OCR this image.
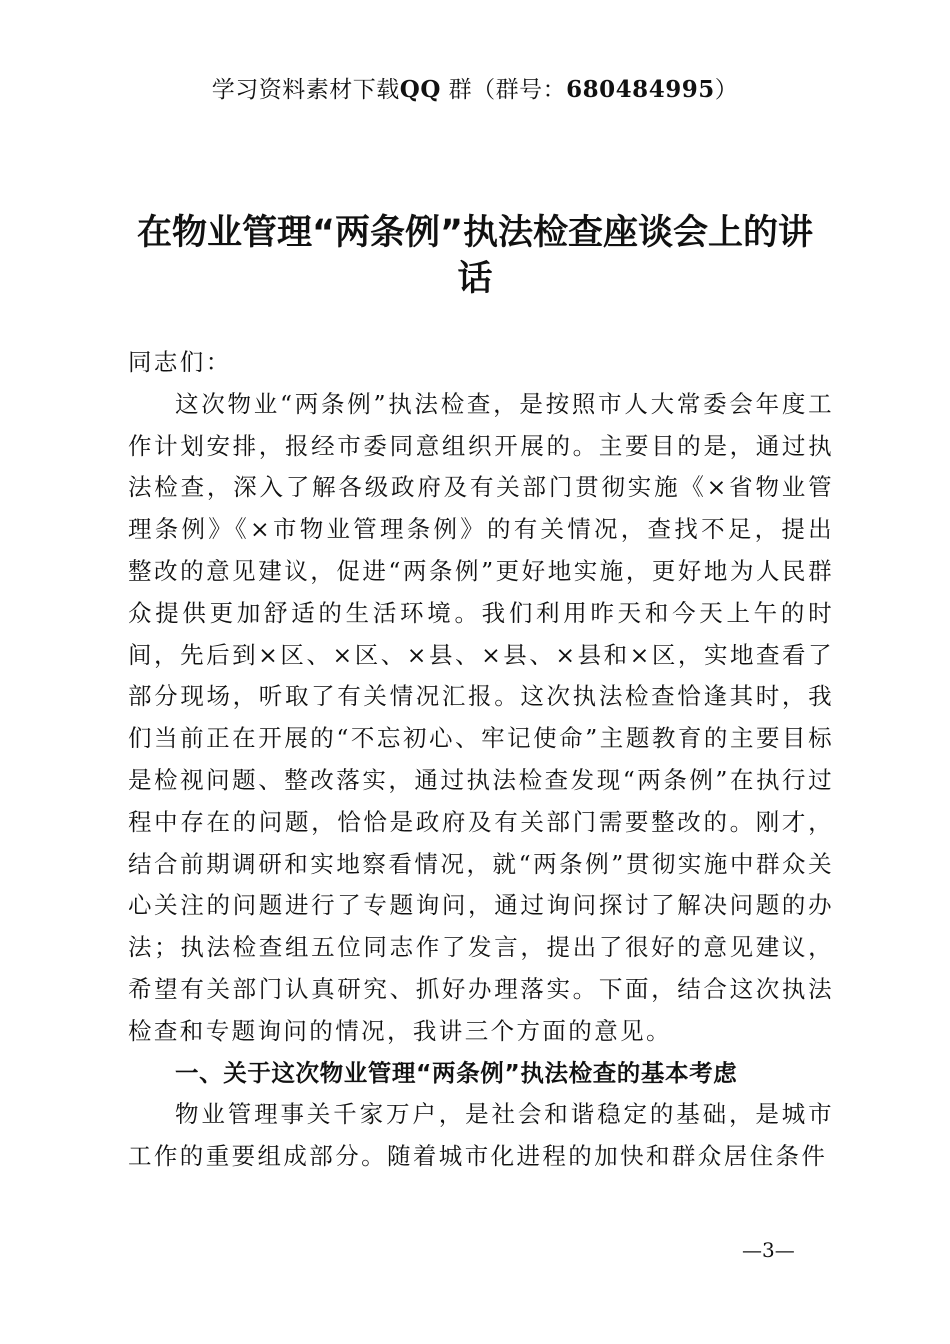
学习资料素材下载QQ 群（群号：680484995）
在物业管理“两条例”执法检查座谈会上的讲话

同志们：

这次物业“两条例”执法检查，是按照市人大常委会年度工作计划安排，报经市委同意组织开展的。主要目的是，通过执法检查，深入了解各级政府及有关部门贯彻实施《×省物业管理条例》《×市物业管理条例》的有关情况，查找不足，提出整改的意见建议，促进“两条例”更好地实施，更好地为人民群众提供更加舒适的生活环境。我们利用昨天和今天上午的时间，先后到×区、×区、×县、×县、×县和×区，实地查看了部分现场，听取了有关情况汇报。这次执法检查恰逢其时，我们当前正在开展的“不忘初心、牢记使命”主题教育的主要目标是检视问题、整改落实，通过执法检查发现“两条例”在执行过程中存在的问题，恰恰是政府及有关部门需要整改的。刚才，结合前期调研和实地察看情况，就“两条例”贯彻实施中群众关心关注的问题进行了专题询问，通过询问探讨了解决问题的办法；执法检查组五位同志作了发言，提出了很好的意见建议，希望有关部门认真研究、抓好办理落实。下面，结合这次执法检查和专题询问的情况，我讲三个方面的意见。

一、关于这次物业管理“两条例”执法检查的基本考虑

物业管理事关千家万户，是社会和谐稳定的基础，是城市工作的重要组成部分。随着城市化进程的加快和群众居住条件

—3—
